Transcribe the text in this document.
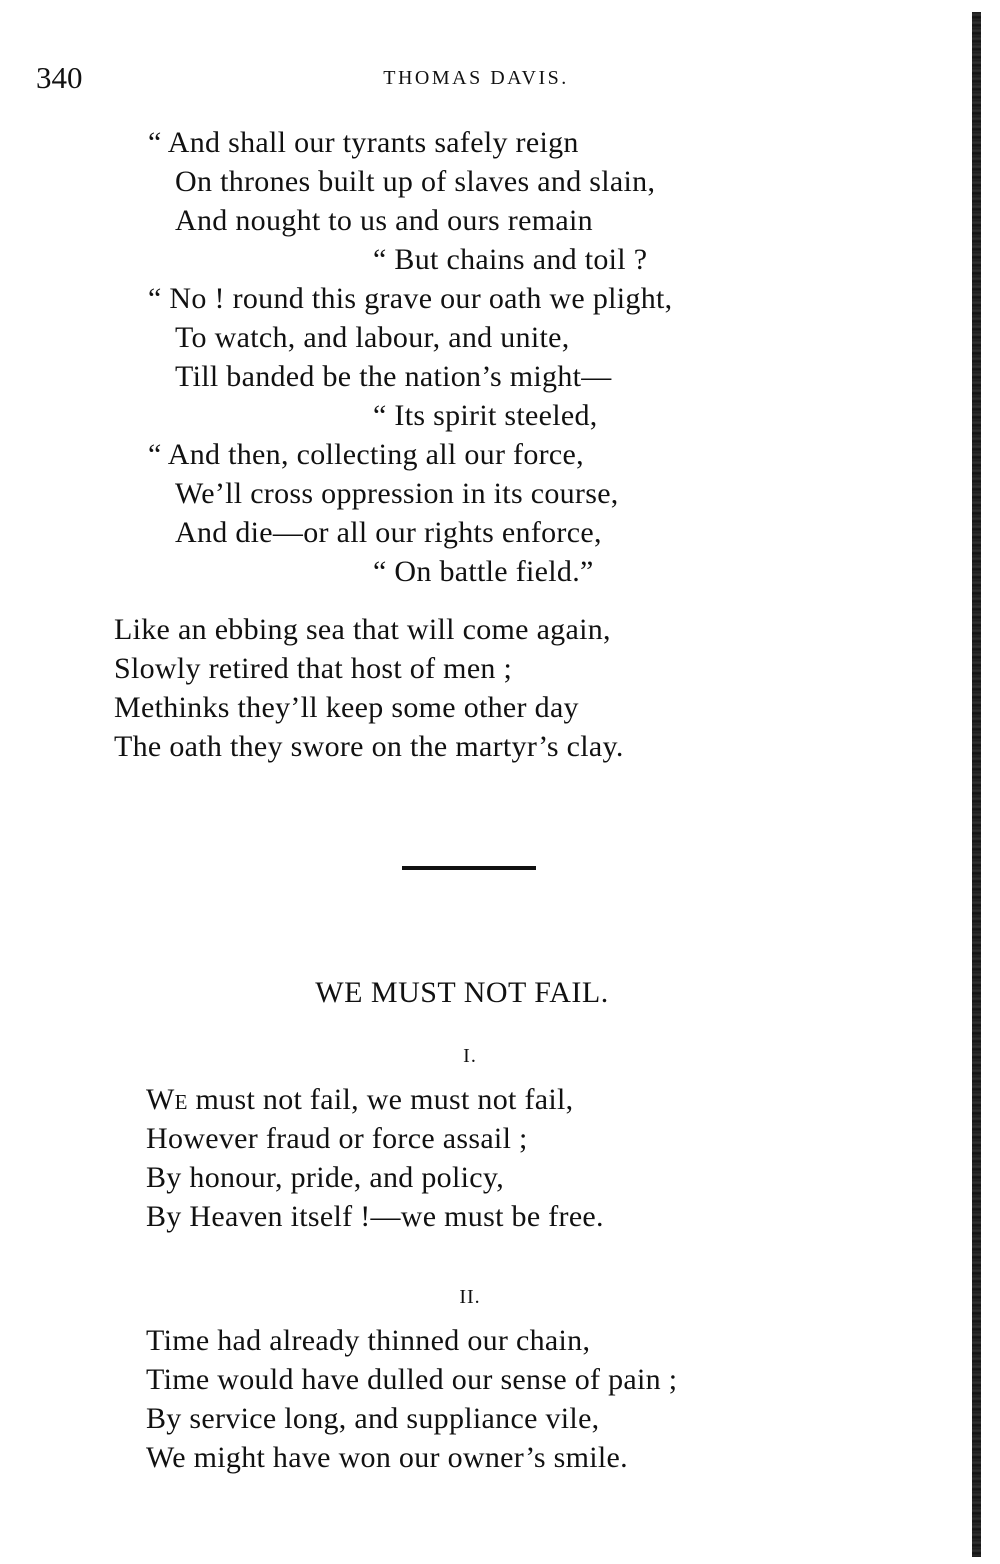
340	THOMAS DAVIS.
“ And shall our tyrants safely reign
On thrones built up of slaves and slain,
And nought to us and ours remain
“ But chains and toil ?
“ No ! round this grave our oath we plight,
To watch, and labour, and unite,
Till banded be the nation’s might—
“ Its spirit steeled,
“ And then, collecting all our force,
We’ll cross oppression in its course,
And die—or all our rights enforce,
“ On battle field.”
Like an ebbing sea that will come again,
Slowly retired that host of men ;
Methinks they’ll keep some other day
The oath they swore on the martyr’s clay.
WE MUST NOT FAIL.
I.
We must not fail, we must not fail,
However fraud or force assail ;
By honour, pride, and policy,
By Heaven itself !—we must be free.
II.
Time had already thinned our chain,
Time would have dulled our sense of pain ;
By service long, and suppliance vile,
We might have won our owner’s smile.
